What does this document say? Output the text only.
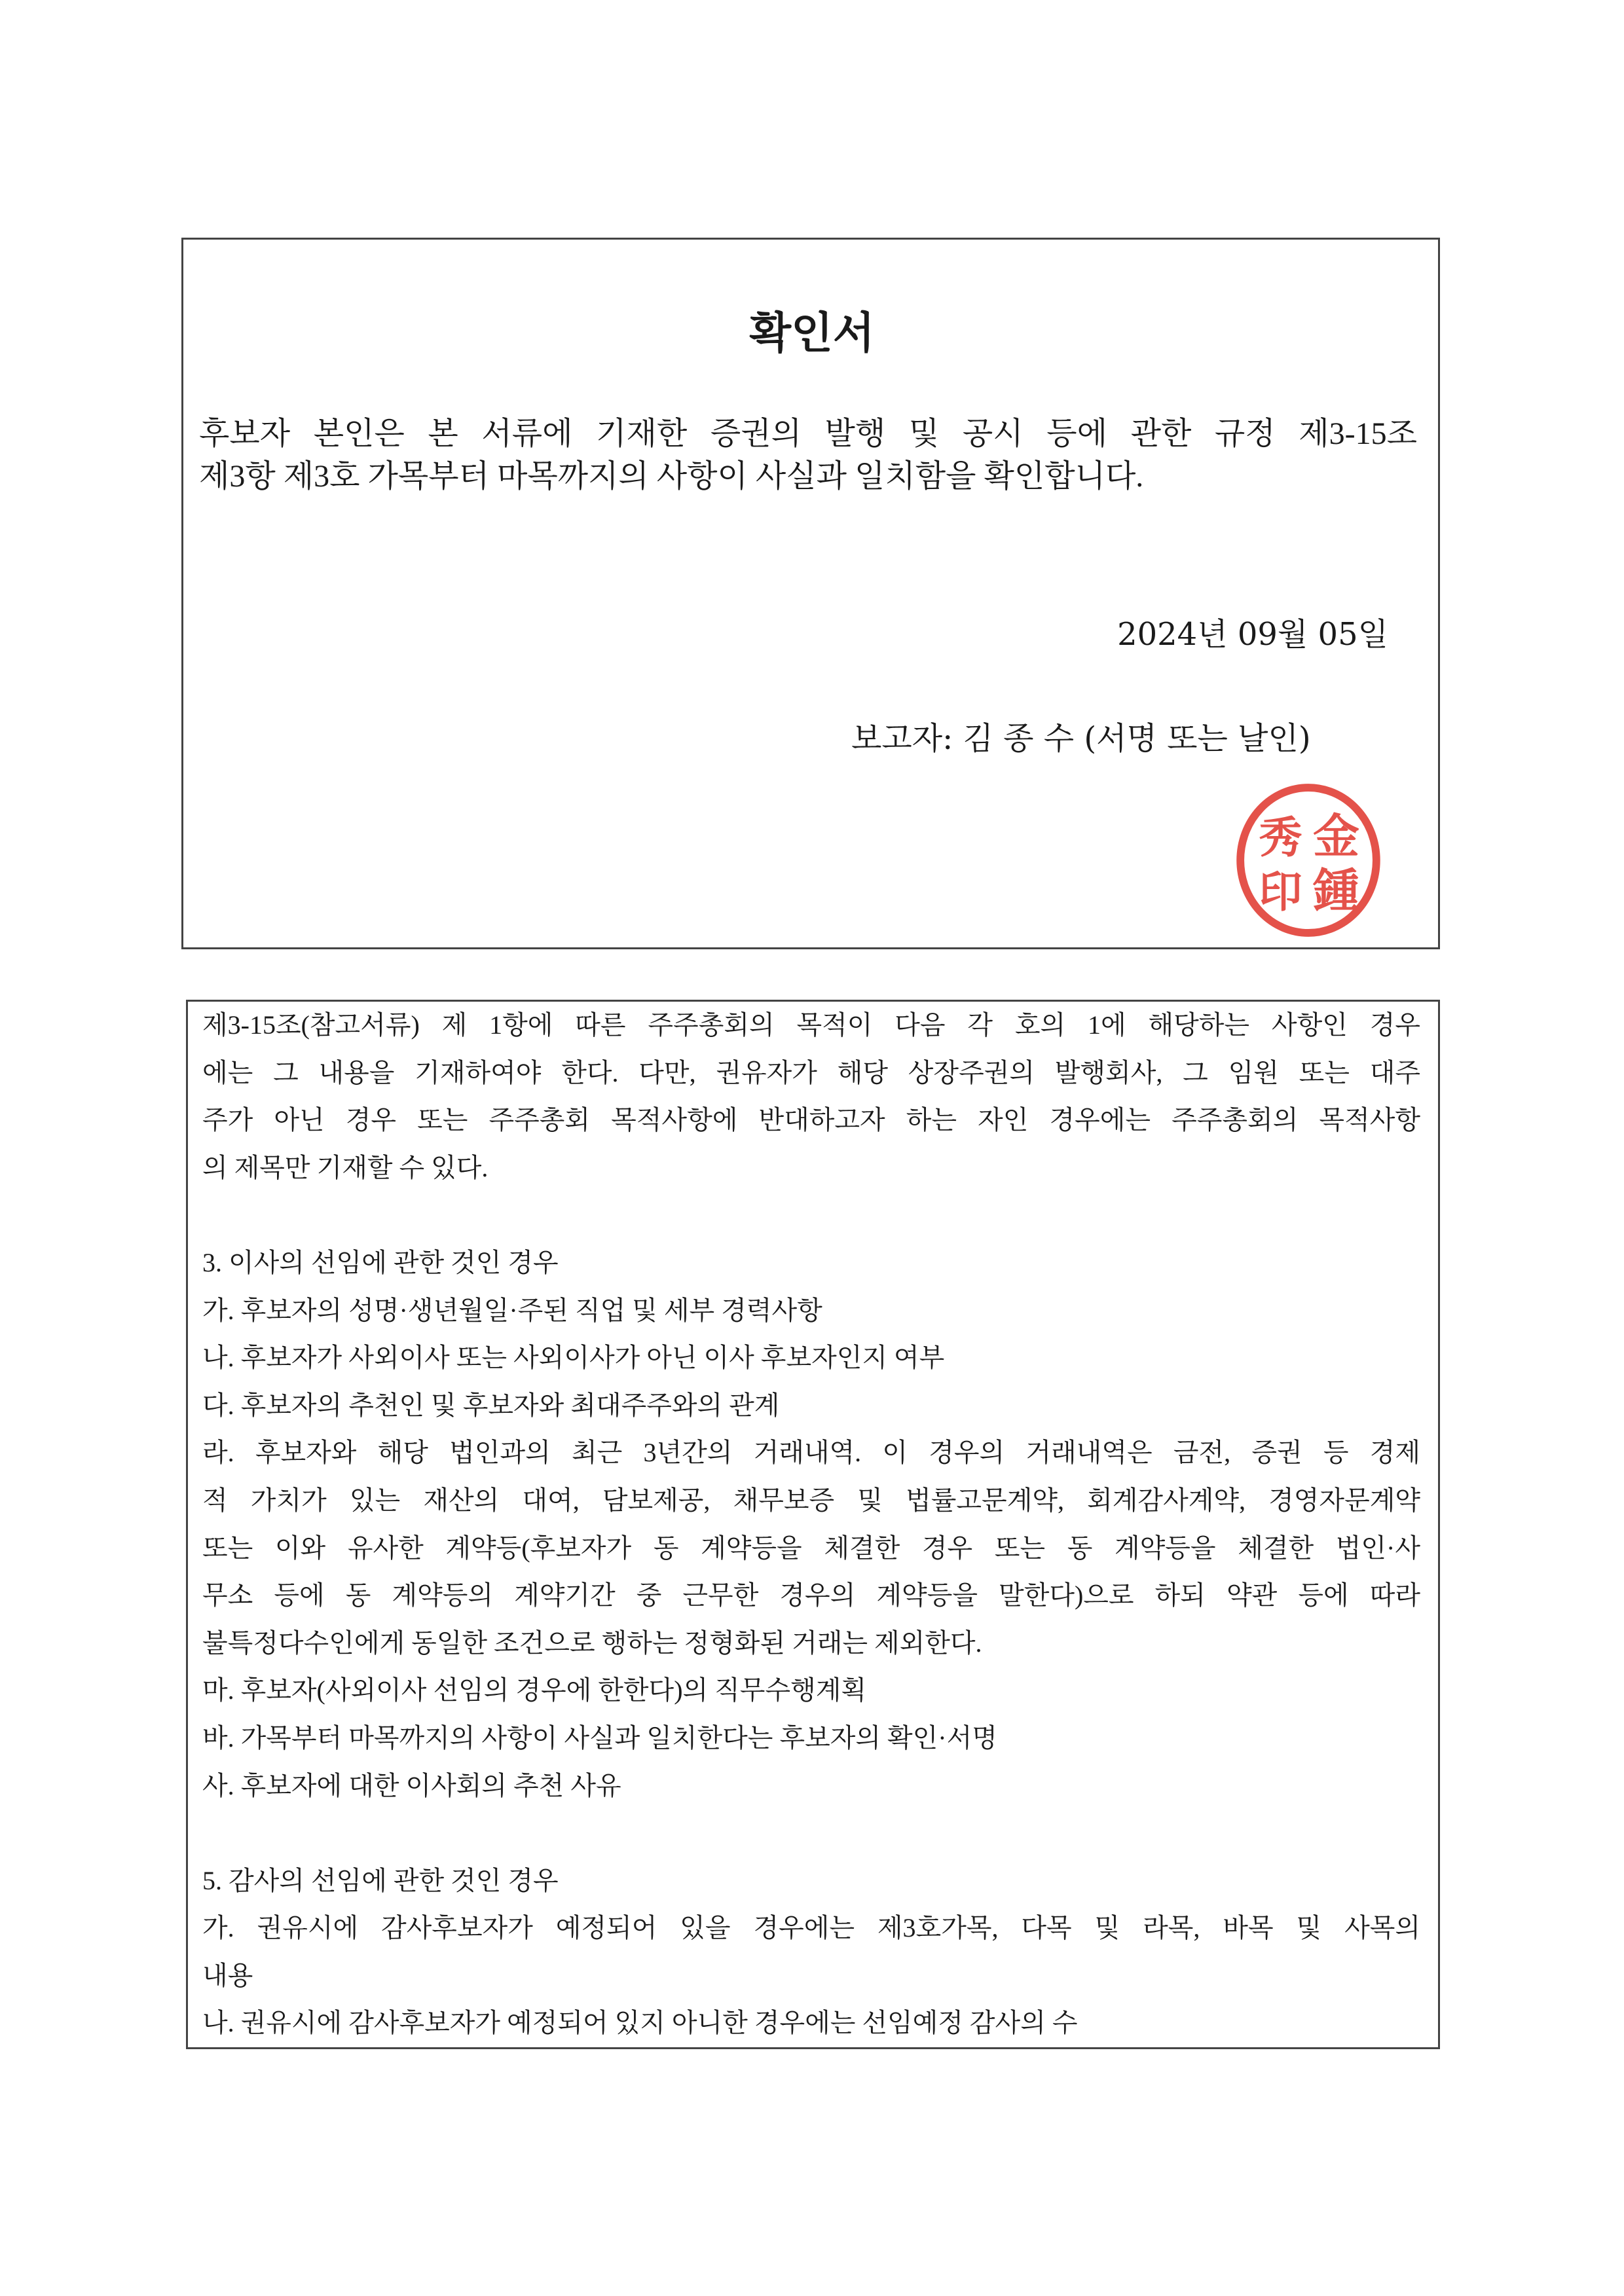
확인서
후보자 본인은 본 서류에 기재한 증권의 발행 및 공시 등에 관한 규정 제3-15조
제3항 제3호 가목부터 마목까지의 사항이 사실과 일치함을 확인합니다.
2024년 09월 05일
보고자: 김 종 수 (서명 또는 날인)
金
鍾
秀
印
제3-15조(참고서류) 제 1항에 따른 주주총회의 목적이 다음 각 호의 1에 해당하는 사항인 경우
에는 그 내용을 기재하여야 한다. 다만, 권유자가 해당 상장주권의 발행회사, 그 임원 또는 대주
주가 아닌 경우 또는 주주총회 목적사항에 반대하고자 하는 자인 경우에는 주주총회의 목적사항
의 제목만 기재할 수 있다.
3. 이사의 선임에 관한 것인 경우
가. 후보자의 성명·생년월일·주된 직업 및 세부 경력사항
나. 후보자가 사외이사 또는 사외이사가 아닌 이사 후보자인지 여부
다. 후보자의 추천인 및 후보자와 최대주주와의 관계
라. 후보자와 해당 법인과의 최근 3년간의 거래내역. 이 경우의 거래내역은 금전, 증권 등 경제
적 가치가 있는 재산의 대여, 담보제공, 채무보증 및 법률고문계약, 회계감사계약, 경영자문계약
또는 이와 유사한 계약등(후보자가 동 계약등을 체결한 경우 또는 동 계약등을 체결한 법인·사
무소 등에 동 계약등의 계약기간 중 근무한 경우의 계약등을 말한다)으로 하되 약관 등에 따라
불특정다수인에게 동일한 조건으로 행하는 정형화된 거래는 제외한다.
마. 후보자(사외이사 선임의 경우에 한한다)의 직무수행계획
바. 가목부터 마목까지의 사항이 사실과 일치한다는 후보자의 확인·서명
사. 후보자에 대한 이사회의 추천 사유
5. 감사의 선임에 관한 것인 경우
가. 권유시에 감사후보자가 예정되어 있을 경우에는 제3호가목, 다목 및 라목, 바목 및 사목의
내용
나. 권유시에 감사후보자가 예정되어 있지 아니한 경우에는 선임예정 감사의 수
